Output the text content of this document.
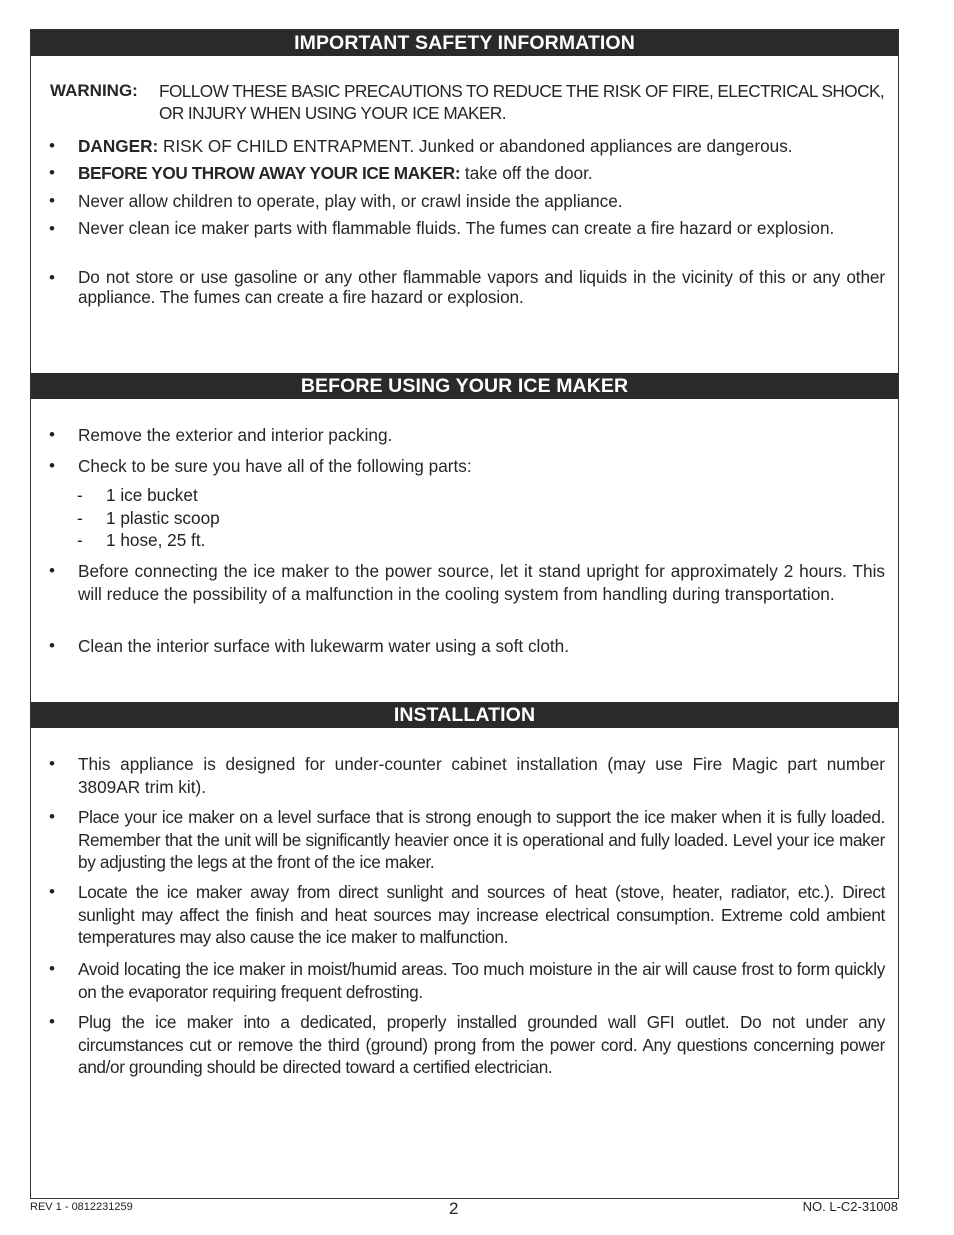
IMPORTANT SAFETY INFORMATION
WARNING: FOLLOW THESE BASIC PRECAUTIONS TO REDUCE THE RISK OF FIRE, ELECTRICAL SHOCK, OR INJURY WHEN USING YOUR ICE MAKER.
• DANGER: RISK OF CHILD ENTRAPMENT. Junked or abandoned appliances are dangerous.
• BEFORE YOU THROW AWAY YOUR ICE MAKER: take off the door.
• Never allow children to operate, play with, or crawl inside the appliance.
• Never clean ice maker parts with flammable fluids. The fumes can create a fire hazard or explosion.
• Do not store or use gasoline or any other flammable vapors and liquids in the vicinity of this or any other appliance. The fumes can create a fire hazard or explosion.
BEFORE USING YOUR ICE MAKER
• Remove the exterior and interior packing.
• Check to be sure you have all of the following parts:
- 1 ice bucket
- 1 plastic scoop
- 1 hose, 25 ft.
• Before connecting the ice maker to the power source, let it stand upright for approximately 2 hours. This will reduce the possibility of a malfunction in the cooling system from handling during transportation.
• Clean the interior surface with lukewarm water using a soft cloth.
INSTALLATION
• This appliance is designed for under-counter cabinet installation (may use Fire Magic part number 3809AR trim kit).
• Place your ice maker on a level surface that is strong enough to support the ice maker when it is fully loaded. Remember that the unit will be significantly heavier once it is operational and fully loaded. Level your ice maker by adjusting the legs at the front of the ice maker.
• Locate the ice maker away from direct sunlight and sources of heat (stove, heater, radiator, etc.). Direct sunlight may affect the finish and heat sources may increase electrical consumption. Extreme cold ambient temperatures may also cause the ice maker to malfunction.
• Avoid locating the ice maker in moist/humid areas. Too much moisture in the air will cause frost to form quickly on the evaporator requiring frequent defrosting.
• Plug the ice maker into a dedicated, properly installed grounded wall GFI outlet. Do not under any circumstances cut or remove the third (ground) prong from the power cord. Any questions concerning power and/or grounding should be directed toward a certified electrician.
REV 1 - 0812231259	2	NO. L-C2-31008
